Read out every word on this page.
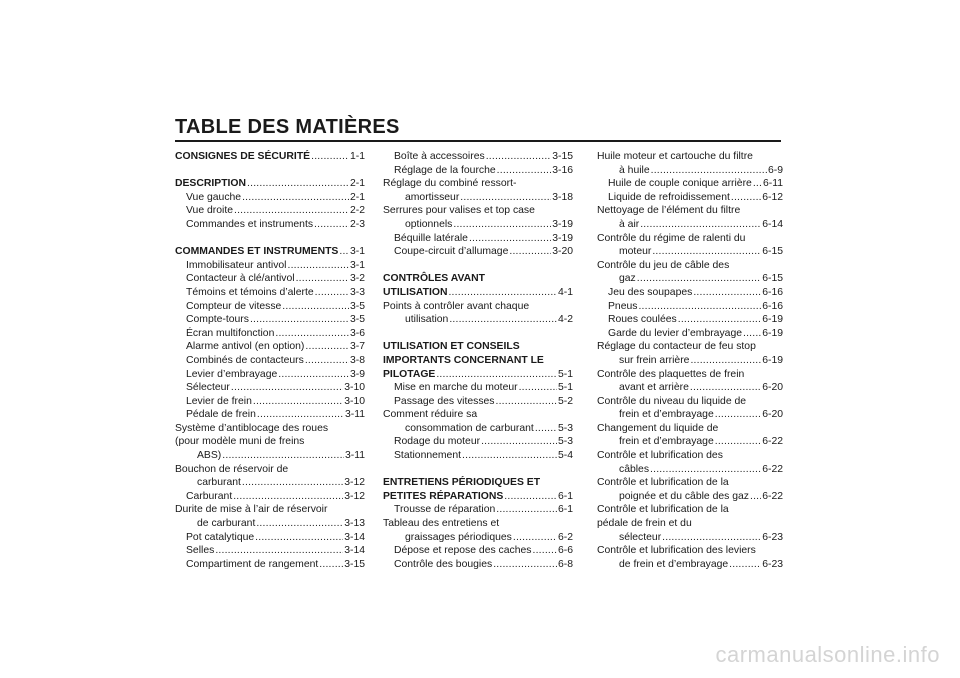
TABLE DES MATIÈRES
CONSIGNES DE SÉCURITÉ .....	1-1
DESCRIPTION .....	2-1
Vue gauche .....	2-1
Vue droite .....	2-2
Commandes et instruments .....	2-3
COMMANDES ET INSTRUMENTS ..... 3-1
Immobilisateur antivol .....	3-1
Contacteur à clé/antivol .....	3-2
Témoins et témoins d’alerte .....	3-3
Compteur de vitesse .....	3-5
Compte-tours .....	3-5
Écran multifonction .....	3-6
Alarme antivol (en option) .....	3-7
Combinés de contacteurs .....	3-8
Levier d’embrayage .....	3-9
Sélecteur .....	3-10
Levier de frein .....	3-10
Pédale de frein .....	3-11
Système d’antiblocage des roues
(pour modèle muni de freins
ABS) .....	3-11
Bouchon de réservoir de
carburant .....	3-12
Carburant .....	3-12
Durite de mise à l’air de réservoir
de carburant .....	3-13
Pot catalytique .....	3-14
Selles .....	3-14
Compartiment de rangement ..... 3-15
Boîte à accessoires .....	3-15
Réglage de la fourche .....	3-16
Réglage du combiné ressort-
amortisseur .....	3-18
Serrures pour valises et top case
optionnels .....	3-19
Béquille latérale .....	3-19
Coupe-circuit d’allumage .....	3-20
CONTRÔLES AVANT
UTILISATION .....	4-1
Points à contrôler avant chaque
utilisation .....	4-2
UTILISATION ET CONSEILS
IMPORTANTS CONCERNANT LE
PILOTAGE .....	5-1
Mise en marche du moteur .....	5-1
Passage des vitesses .....	5-2
Comment réduire sa
consommation de carburant ..... 5-3
Rodage du moteur .....	5-3
Stationnement .....	5-4
ENTRETIENS PÉRIODIQUES ET
PETITES RÉPARATIONS .....	6-1
Trousse de réparation .....	6-1
Tableau des entretiens et
graissages périodiques .....	6-2
Dépose et repose des caches .....	6-6
Contrôle des bougies .....	6-8
Huile moteur et cartouche du filtre
à huile .....	6-9
Huile de couple conique arrière ..... 6-11
Liquide de refroidissement .....	6-12
Nettoyage de l’élément du filtre
à air .....	6-14
Contrôle du régime de ralenti du
moteur .....	6-15
Contrôle du jeu de câble des
gaz .....	6-15
Jeu des soupapes .....	6-16
Pneus .....	6-16
Roues coulées .....	6-19
Garde du levier d’embrayage ..... 6-19
Réglage du contacteur de feu stop
sur frein arrière .....	6-19
Contrôle des plaquettes de frein
avant et arrière .....	6-20
Contrôle du niveau du liquide de
frein et d’embrayage .....	6-20
Changement du liquide de
frein et d’embrayage .....	6-22
Contrôle et lubrification des
câbles .....	6-22
Contrôle et lubrification de la
poignée et du câble des gaz ..... 6-22
Contrôle et lubrification de la
pédale de frein et du
sélecteur .....	6-23
Contrôle et lubrification des leviers
de frein et d’embrayage .....	6-23
carmanualsonline.info
